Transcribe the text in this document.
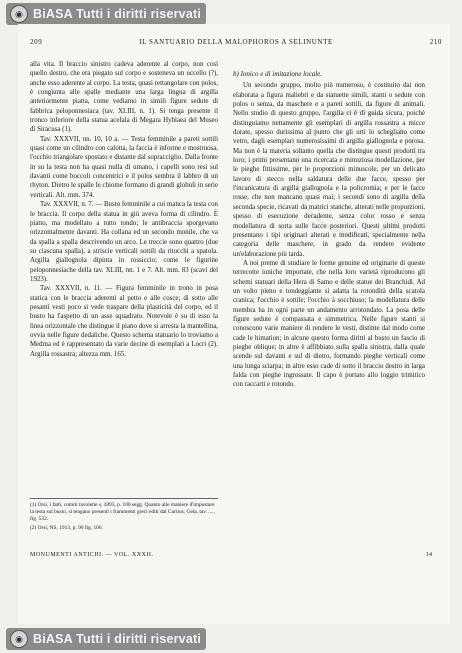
◉ BiASA Tutti i diritti riservati
209	IL SANTUARIO DELLA MALOPHOROS A SELINUNTE	210

alla vita. Il braccio sinistro cadeva aderente al corpo, non così quello destro, che era piegato sul corpo e sosteneva un uccello (?), anche esso aderente al corpo. La testa, quasi rettangolare con polos, è congiunta alle spalle mediante una larga lingua di argilla anteriormente piatta, come vediamo in simili figure sedute di fabbrica peloponnesiaca (tav. XLIII, n. 1). Si tenga presente il tronco inferiore della statua acefala di Megara Hyblaea del Museo di Siracusa (1).

Tav. XXXVII, nn. 10, 10 a. — Testa femminile a pareti sottili quasi come un cilindro con calotta, la faccia è informe e mostruosa, l'occhio triangolare spostato e distante dal sopracciglio. Dalla fronte in su la testa non ha quasi nulla di umano, i capelli sono resi sul davanti come boccoli concentrici e il polos sembra il labbro di un rhyton. Dietro le spalle le chiome formano di grandi globuli in serie verticali. Alt. mm. 374.

Tav. XXXVII, n. 7. — Busto femminile a cui manca la testa con le braccia. Il corpo della statua in giù aveva forma di cilindro. È piatto, ma modellato a tutto tondo; le antibraccia sporgevano orizzontalmente davanti. Ha collana ed un secondo monile, che va da spalla a spalla descrivendo un arco. Le treccie sono quattro (due su ciascuna spalla), a striscie verticali sottili da ritocchi a spatola. Argilla giallognola dipinta in rossiccio; come le figurine peloponnesiache della tav. XLIII, nn. 1 e 7. Alt. mm. 83 (scavi del 1923).

Tav. XXXVII, n. 11. — Figura femminile in trono in posa statica con le braccia aderenti al petto e alle cosce; di sotto alle pesanti vesti poco si vede traspare della plasticità del corpo, ed il busto ha l'aspetto di un asse squadrato. Notevole è su di esso la linea orizzontale che distingue il piano dove si arresta la mantellina, ovvia nelle figure dedaliche. Questo schema statuario lo troviamo a Medma ed è rappresentato da varie decine di esemplari a Locri (2). Argilla rossastra; altezza mm. 165.

(1) Orsi, i fatti, comiti tavolette s, 1893, p. 100 segg. Quanto alle maniere d'impostare la testa sul busto, si tengano presenti i frammenti greci editi dal Curtius, Gela, tav. ...., fig. 532.

(2) Orsi, NS, 1913, p. 90 fig. 106.

MONUMENTI ANTICHI. — VOL. XXXII.	14
b) Ionico e di imitazione locale.

Un secondo gruppo, molto più numeroso, è costituito dai non elaborata a figura maliebri e da statuette simili, stanti o sedute con polos o senza, da maschere e a pareti sottili, da figure di animali. Nello studio di questo gruppo, l'argilla ci è di guida sicura, poichè distinguiamo nettamente gli esemplari di argilla rossastra a micce dorate, spesso durissima al punto che gli urti lo schegliano come vetro, dagli esemplari numerosissimi di argilla giallognola e porosa. Ma non è la materia soltanto quella che distingue questi prodotti tra loro; i primi presentano una ricercata e minuziosa modellazione, per le pieghe fittissime, per le proporzioni minuscole, per un delicato lavoro di stecco nella saldatura delle due facce, spesso per l'incanicatura di argilla giallognola e la policromia; e per le facce rosse, che non mancano quasi mai; i secondi sono di argilla della seconda specie, ricavati da matrici stanche, alterati nelle proporzioni, spesso di esecuzione decadente, senza color rosso e senza modellatura di sorta sulle facce posteriori. Questi ultimi prodotti presentano i tipi originari alterati e modificati, specialmente nella categoria delle maschere, in grado da rendere evidente un'elaborazione più tarda.

A noi preme di studiare le forme genuine ed originarie di queste terrecotte ioniche importate, che nella loro varietà riproducono gli schemi statuari della Hera di Samo e delle statue dei Branchidi. Ad un volto pieno e tondeggiante si adatta la rotondità della scatola cranica; l'occhio è sottile; l'occhio à socchiuso; la modellatura delle membra ha in ogni parte un andamento arrotondato. La posa delle figure sedute è compassata e simmetrica. Nelle figure stanti si conoscono varie maniere di rendere le vesti, distinte dal modo come cade le himation; in alcune questo forma diritti al busto un fascio di pieghe oblique; in altre è affibbiato sulla spalla sinistra, dalla quale scende sul davanti e sul di dietro, formando pieghe verticali come una lunga sciarpa; in altre esso cade di sotto il braccio destro in larga falda con pieghe ingrossate. Il capo è portato allo loggio trimitico con raccarti e rotondo.

◉ BiASA Tutti i diritti riservati
